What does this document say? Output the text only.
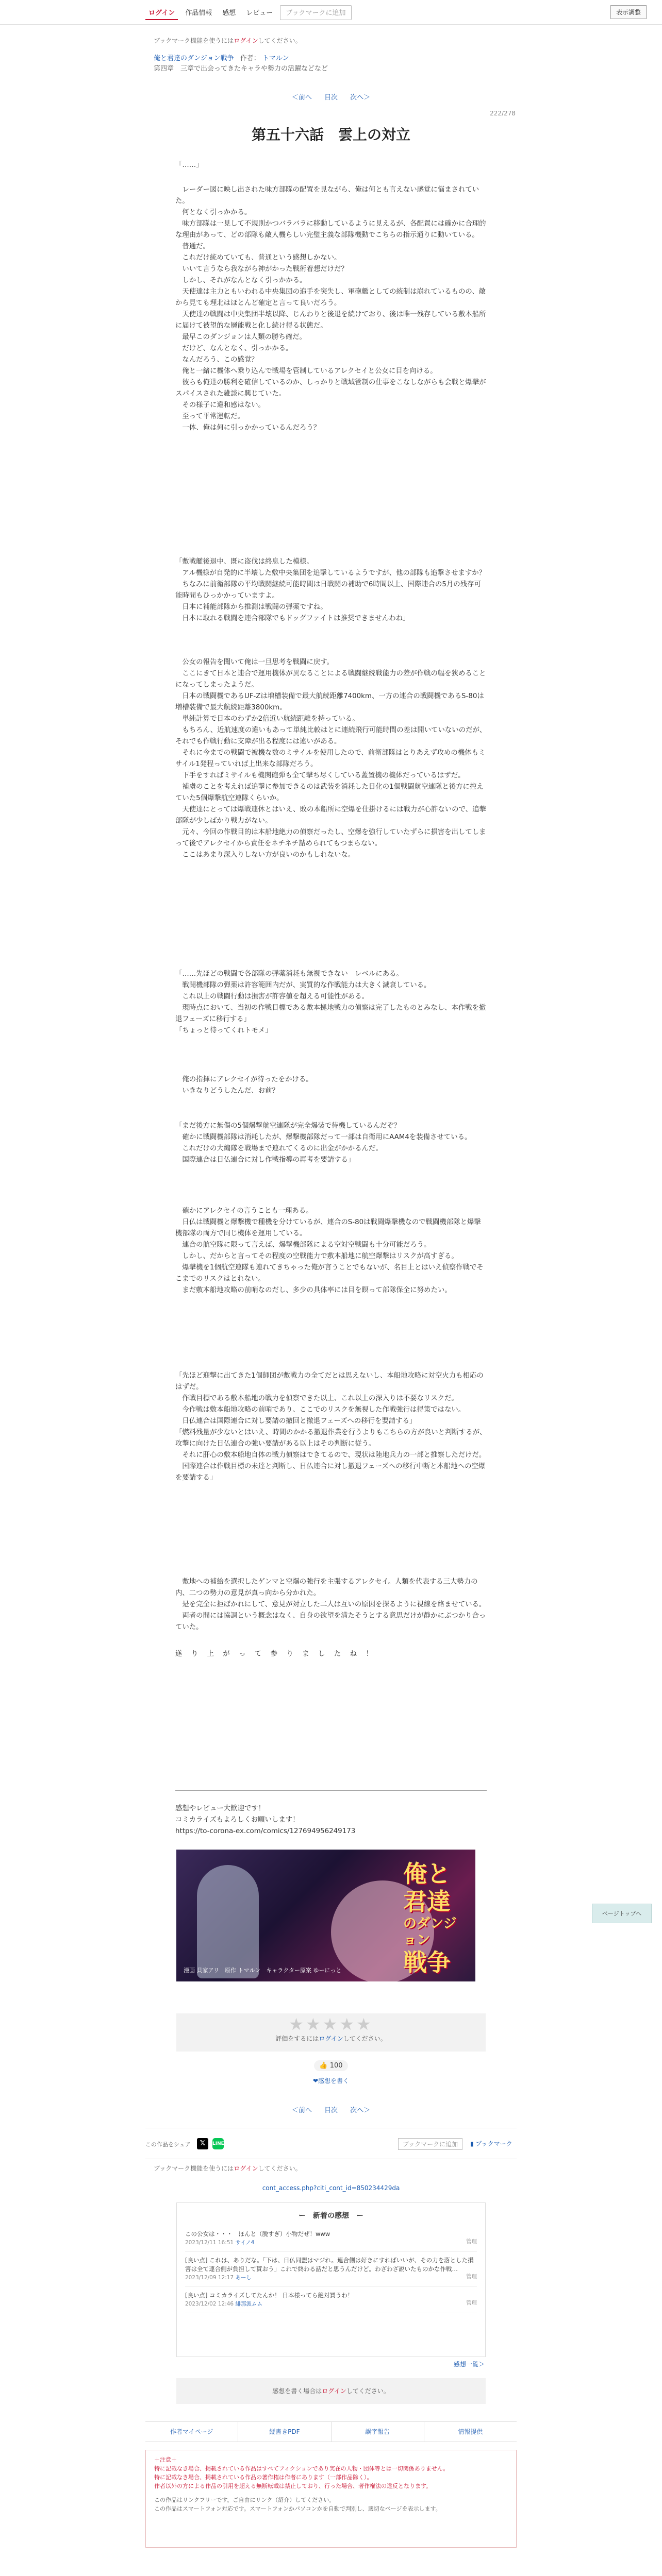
ログイン	作品情報	感想	レビュー	ブックマークに追加	表示調整
ブックマーク機能を使うにはログインしてください。
俺と君達のダンジョン戦争 作者： トマルン
第四章　三章で出会ってきたキャラや勢力の活躍などなど
＜前へ 目次 次へ＞
222/278
第五十六話　雲上の対立
「……」
　レーダー図に映し出された味方部隊の配置を見ながら、俺は何とも言えない感覚に悩まされていた。
　何となく引っかかる。
　味方部隊は一見して不規則かつバラバラに移動しているように見えるが、各配置には確かに合理的な理由があって、どの部隊も敵人機らしい完璧主義な部隊機動でこちらの指示通りに動いている。
　普通だ。
　これだけ統めていても、普通という感想しかない。
　いいて言うなら我ながら神がかった戦術着想だけだ？
　しかし、それがなんとなく引っかかる。
　天使達は主力ともいわれる中央集団の追手を突失し、軍砲艦としての統制は崩れているものの、敵から見ても理北はほとんど確定と言って良いだろう。
　天使達の戦闘は中央集団半壊以降、じんわりと後退を続けており、後は唯一残存している敷本船所に届けて被望的な層能戦と化し続け得る状態だ。
　最早このダンジョンは人類の勝ち確だ。
　だけど、なんとなく、引っかかる。
　なんだろう、この感覚？
　俺と一緒に機体へ乗り込んで戦場を管制しているアレクセイと公女に目を向ける。
　彼らも俺達の勝利を確信しているのか、しっかりと戦域管制の仕事をこなしながらも会戦と爆撃がスパイスされた雑談に興じていた。
　その様子に違和感はない。
　至って平常運転だ。
　一体、俺は何に引っかかっているんだろう？
「敷戦艦後退中、既に盗伐は終息した模様。
　アル機様が自発的に半壊した敷中央集団を追撃しているようですが、他の部隊も追撃させますか？
　ちなみに前衛部隊の平均戦闘継続可能時間は日戦闘の補助で6時間以上、国際連合の5月の残存可能時間もひっかかっていますよ。
　日本に補能部隊から推測は戦闘の弾薬ですね。
　日本に取れる戦闘を連合部隊でもドッグファイトは推奨できませんわね」
　公女の報告を聞いて俺は一旦思考を戦闘に戻す。
　ここにきて日本と連合で運用機体が異なることによる戦闘継続戦能力の差が作戦の幅を狭めることになってしまったようだ。
　日本の戦闘機であるUF-Zは増槽装備で最大航続距離7400km、一方の連合の戦闘機であるS-80は増槽装備で最大航続距離3800km。
　単純計算で日本のわずか2倍近い航続距離を持っている。
　もちろん、近航速度の違いもあって単純比較はとに連続飛行可能時間の差は開いていないのだが、それでも作戦行動に支障が出る程度には違いがある。
　それに今までの戦闘で被機な数のミサイルを使用したので、前衛部隊はとりあえず攻めの機体もミサイル1発程っていれば上出来な部隊だろう。
　下手をすればミサイルも機関砲弾も全て撃ち尽くしている蓋置機の機体だっているはずだ。
　補虜のことを考えれば追撃に参加できるのは武装を消耗した日化の1個戦闘航空連隊と後方に控えていた5個爆撃航空連隊くらいか。
　天使達にとっては爆戦連休とはいえ、敗の本船所に空爆を仕掛けるには戦力が心許ないので、追撃部隊が少しばかり戦力がない。
　元々、今回の作戦目的は本船地絶力の偵察だったし、空爆を強行していたずらに損害を出してしまって後でアレクセイから責任をネチネチ詰められてもつまらない。
　ここはあまり深入りしない方が良いのかもしれないな。
「……先ほどの戦闘で各部隊の弾薬消耗も無視できない　レベルにある。
　戦闘機部隊の弾薬は許容範囲内だが、実質的な作戦能力は大きく減衰している。
　これ以上の戦闘行動は損害が許容値を超える可能性がある。
　現時点において、当初の作戦目標である敷本拠地戦力の偵察は完了したものとみなし、本作戦を撤退フェーズに移行する」
「ちょっと待ってくれトモメ」
　俺の指揮にアレクセイが待ったをかける。
　いきなりどうしたんだ、お前？
「まだ後方に無傷の5個爆撃航空連隊が完全爆装で待機しているんだぞ？
　確かに戦闘機部隊は消耗したが、爆撃機部隊だって一部は自衛用にAAM4を装備させている。
　これだけの大編隊を戦場まで連れてくるのに出金がかかるんだ。
　国際連合は日仏連合に対し作戦指導の再考を要請する」
　確かにアレクセイの言うことも一理ある。
　日仏は戦闘機と爆撃機で種機を分けているが、連合のS-80は戦闘爆撃機なので戦闘機部隊と爆撃機部隊の両方で同じ機体を運用している。
　連合の航空隊に限って言えば、爆撃機部隊による空対空戦闘も十分可能だろう。
　しかし、だからと言ってその程度の空戦能力で敷本船地に航空爆撃はリスクが高すぎる。
　爆撃機を1個航空連隊も連れてきちゃった俺が言うことでもないが、名目上とはいえ偵察作戦でそこまでのリスクはとれない。
　まだ敷本船地攻略の前哨なのだし、多少の具体率には目を瞑って部隊保全に努めたい。
「先ほど迎撃に出てきた1個師団が敷戦力の全てだとは思えないし、本船地攻略に対空火力も相応のはずだ。
　作戦目標である敷本船地の戦力を偵察できた以上、これ以上の深入りは不要なリスクだ。
　今作戦は敷本船地攻略の前哨であり、ここでのリスクを無視した作戦強行は得策ではない。
　日仏連合は国際連合に対し要請の撤回と撤退フェーズへの移行を要請する」
「燃料残量が少ないとはいえ、時間のかかる撤退作業を行うよりもこちらの方が良いと判断するが、攻撃に向けた日仏連合の強い要請がある以上はその判断に従う。
　それに肝心の敷本船地自体の戦力偵察はできてるので、現状は陸地兵力の一部と推察しただけだ。
　国際連合は作戦目標の未達と判断し、日仏連合に対し撤退フェーズへの移行中断と本船地への空爆を要請する」
　敷地への補給を選択したゲンマと空爆の強行を主張するアレクセイ。人類を代表する三大勢力の内、二つの勢力の意見が真っ向から分かれた。
　是を完全に拒ばかれにして、意見が対立した二人は互いの原因を探るように視線を絡ませている。
　両者の間には協調という概念はなく、自身の欲望を満たそうとする意思だけが静かにぶつかり合っていた。
遂　り　上　が　っ　て　参　り　ま　し　た　ね　！
感想やレビュー大歓迎です！
コミカライズもよろしくお願いします！
https://to-corona-ex.com/comics/127694956249173
俺と君達
のダンジョン
戦争
漫画 貝家アリ　原作 トマルン　キャラクター原案 ゆーにっと
ページトップへ
★★★★★
評価をするにはログインしてください。
👍 100
❤感想を書く
＜前へ 目次 次へ＞
この作品をシェア	𝕏	LINE	ブックマークに追加	▮ ブックマーク
ブックマーク機能を使うにはログインしてください。
cont_access.php?citi_cont_id=850234429da
ー　新着の感想　ー
この公女は・・・　ほんと（脱すぎ）小物だぜ！www
2023/12/11 16:51 サイノ4	管理
[良い点] これは、ありだな。「下は、日仏同盟はマジれ。連合側は好きにすればいいが、その力を落とした損害は全て連合側が負担して貰おう」これで終わる話だと思うんだけど。わざわざ説いたものかな作戦…
2023/12/09 12:17 あーし	管理
[良い点] コミカライズしてたんか！ 日本様ってら絶対買うわ！
2023/12/02 12:46 緋那派ムム	管理
感想一覧＞
感想を書く場合はログインしてください。
作者マイページ	縦書きPDF	誤字報告	情報提供
＋注意＋
特に記載なき場合、掲載されている作品はすべてフィクションであり実在の人物・団体等とは一切関係ありません。
特に記載なき場合、掲載されている作品の著作権は作者にあります（一部作品除く）。
作者以外の方による作品の引用を超える無断転載は禁止しており、行った場合、著作権法の違反となります。
この作品はリンクフリーです。ご自由にリンク（紹介）してください。
この作品はスマートフォン対応です。スマートフォンかパソコンかを自動で判別し、適切なページを表示します。
